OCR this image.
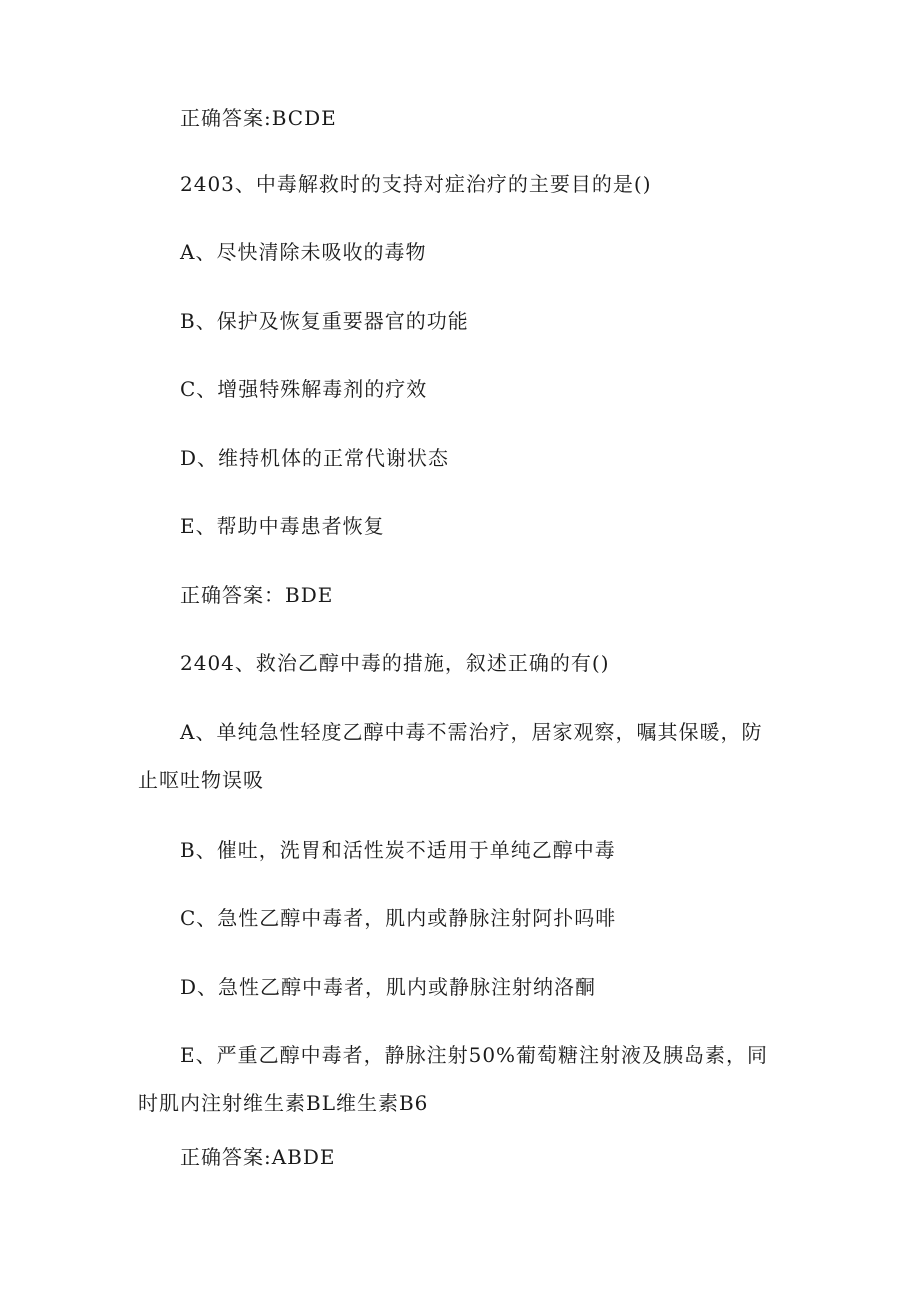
正确答案:BCDE
2403、中毒解救时的支持对症治疗的主要目的是()
A、尽快清除未吸收的毒物
B、保护及恢复重要器官的功能
C、增强特殊解毒剂的疗效
D、维持机体的正常代谢状态
E、帮助中毒患者恢复
正确答案：BDE
2404、救治乙醇中毒的措施，叙述正确的有()
A、单纯急性轻度乙醇中毒不需治疗，居家观察，嘱其保暖，防止呕吐物误吸
B、催吐，洗胃和活性炭不适用于单纯乙醇中毒
C、急性乙醇中毒者，肌内或静脉注射阿扑吗啡
D、急性乙醇中毒者，肌内或静脉注射纳洛酮
E、严重乙醇中毒者，静脉注射50%葡萄糖注射液及胰岛素，同时肌内注射维生素BL维生素B6
正确答案:ABDE
